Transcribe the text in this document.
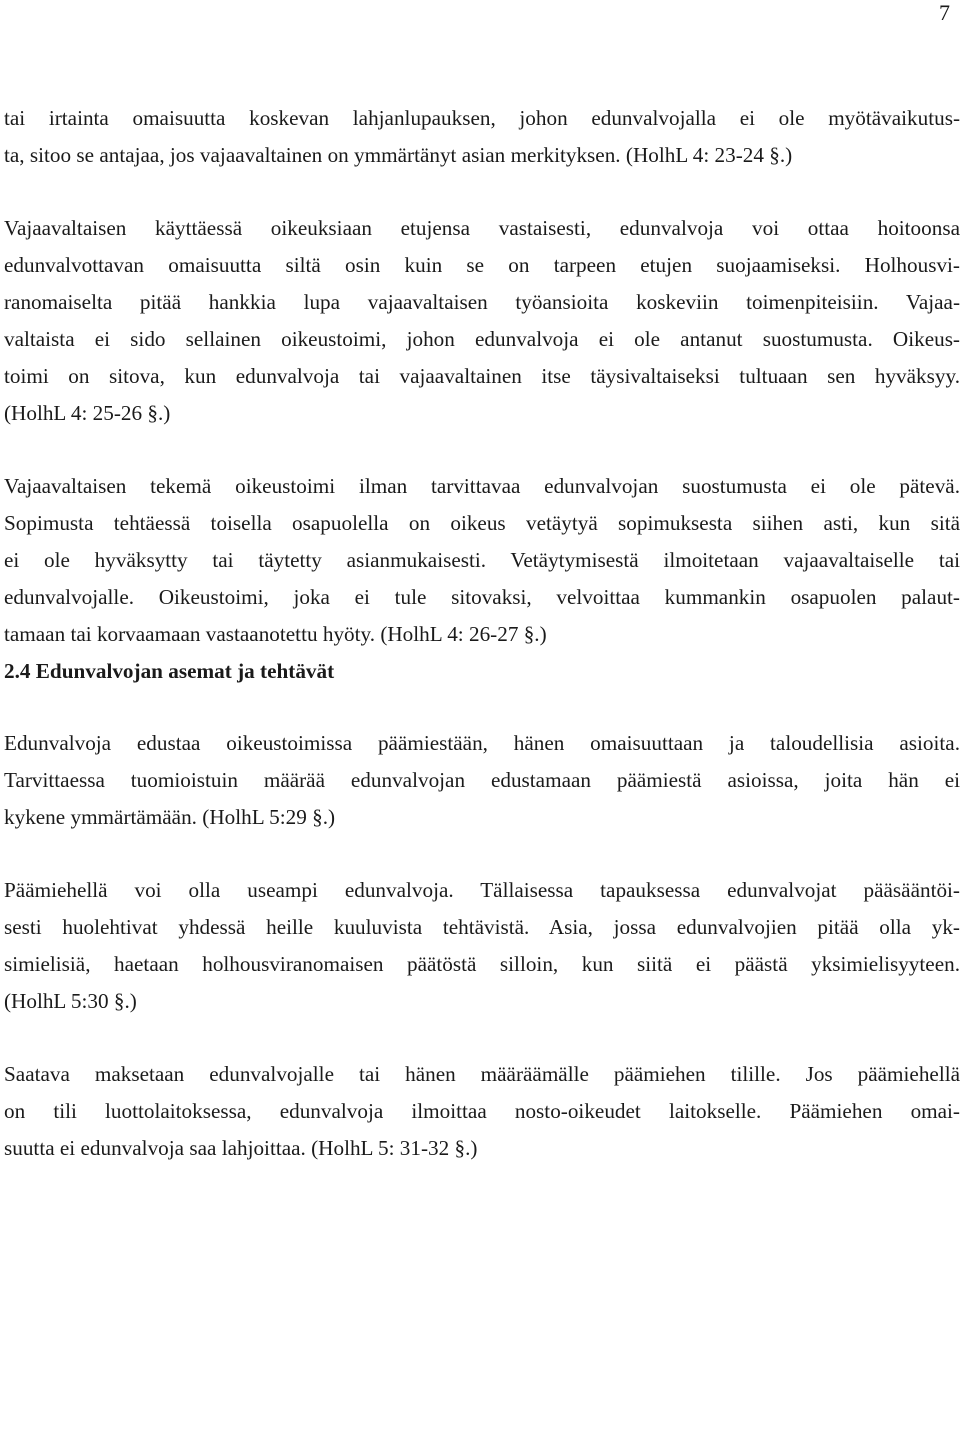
7

tai irtainta omaisuutta koskevan lahjanlupauksen, johon edunvalvojalla ei ole myötävaikutus-
ta, sitoo se antajaa, jos vajaavaltainen on ymmärtänyt asian merkityksen. (HolhL 4: 23-24 §.)

Vajaavaltaisen käyttäessä oikeuksiaan etujensa vastaisesti, edunvalvoja voi ottaa hoitoonsa
edunvalvottavan omaisuutta siltä osin kuin se on tarpeen etujen suojaamiseksi. Holhousvi-
ranomaiselta pitää hankkia lupa vajaavaltaisen työansioita koskeviin toimenpiteisiin. Vajaa-
valtaista ei sido sellainen oikeustoimi, johon edunvalvoja ei ole antanut suostumusta. Oikeus-
toimi on sitova, kun edunvalvoja tai vajaavaltainen itse täysivaltaiseksi tultuaan sen hyväksyy.
(HolhL 4: 25-26 §.)

Vajaavaltaisen tekemä oikeustoimi ilman tarvittavaa edunvalvojan suostumusta ei ole pätevä.
Sopimusta tehtäessä toisella osapuolella on oikeus vetäytyä sopimuksesta siihen asti, kun sitä
ei ole hyväksytty tai täytetty asianmukaisesti. Vetäytymisestä ilmoitetaan vajaavaltaiselle tai
edunvalvojalle. Oikeustoimi, joka ei tule sitovaksi, velvoittaa kummankin osapuolen palaut-
tamaan tai korvaamaan vastaanotettu hyöty. (HolhL 4: 26-27 §.)

2.4 Edunvalvojan asemat ja tehtävät

Edunvalvoja edustaa oikeustoimissa päämiestään, hänen omaisuuttaan ja taloudellisia asioita.
Tarvittaessa tuomioistuin määrää edunvalvojan edustamaan päämiestä asioissa, joita hän ei
kykene ymmärtämään. (HolhL 5:29 §.)

Päämiehellä voi olla useampi edunvalvoja. Tällaisessa tapauksessa edunvalvojat pääsääntöi-
sesti huolehtivat yhdessä heille kuuluvista tehtävistä. Asia, jossa edunvalvojien pitää olla yk-
simielisiä, haetaan holhousviranomaisen päätöstä silloin, kun siitä ei päästä yksimielisyyteen.
(HolhL 5:30 §.)

Saatava maksetaan edunvalvojalle tai hänen määräämälle päämiehen tilille. Jos päämiehellä
on tili luottolaitoksessa, edunvalvoja ilmoittaa nosto-oikeudet laitokselle. Päämiehen omai-
suutta ei edunvalvoja saa lahjoittaa. (HolhL 5: 31-32 §.)
